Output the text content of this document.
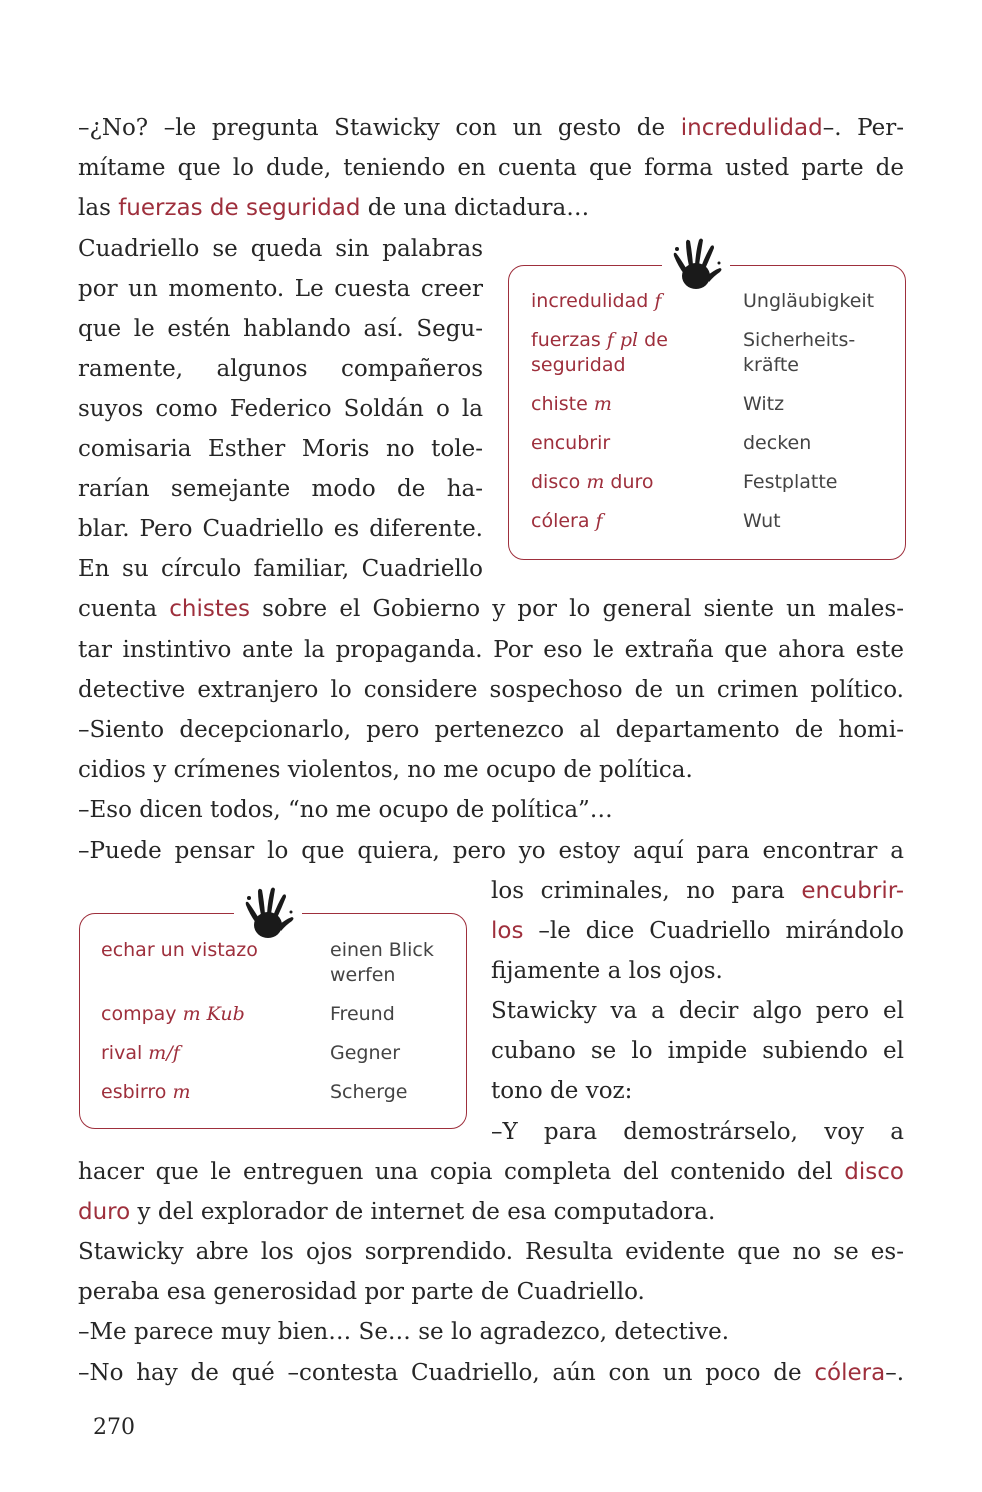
–¿No? –le pregunta Stawicky con un gesto de incredulidad–. Per-
mítame que lo dude, teniendo en cuenta que forma usted parte de
las fuerzas de seguridad de una dictadura…
Cuadriello se queda sin palabras
por un momento. Le cuesta creer
que le estén hablando así. Segu-
ramente, algunos compañeros
suyos como Federico Soldán o la
comisaria Esther Moris no tole-
rarían semejante modo de ha-
blar. Pero Cuadriello es diferente.
En su círculo familiar, Cuadriello
cuenta chistes sobre el Gobierno y por lo general siente un males-
tar instintivo ante la propaganda. Por eso le extraña que ahora este
detective extranjero lo considere sospechoso de un crimen político.
–Siento decepcionarlo, pero pertenezco al departamento de homi-
cidios y crímenes violentos, no me ocupo de política.
–Eso dicen todos, “no me ocupo de política”…
–Puede pensar lo que quiera, pero yo estoy aquí para encontrar a
los criminales, no para encubrir-
los –le dice Cuadriello mirándolo
fijamente a los ojos.
Stawicky va a decir algo pero el
cubano se lo impide subiendo el
tono de voz:
–Y para demostrárselo, voy a
hacer que le entreguen una copia completa del contenido del disco
duro y del explorador de internet de esa computadora.
Stawicky abre los ojos sorprendido. Resulta evidente que no se es-
peraba esa generosidad por parte de Cuadriello.
–Me parece muy bien… Se… se lo agradezco, detective.
–No hay de qué –contesta Cuadriello, aún con un poco de cólera–.
incredulidad f	Ungläubigkeit
fuerzas f pl de seguridad	Sicherheits-
kräfte
chiste m	Witz
encubrir	decken
disco m duro	Festplatte
cólera f	Wut
echar un vistazo	einen Blick
werfen
compay m Kub	Freund
rival m/f	Gegner
esbirro m	Scherge
270
